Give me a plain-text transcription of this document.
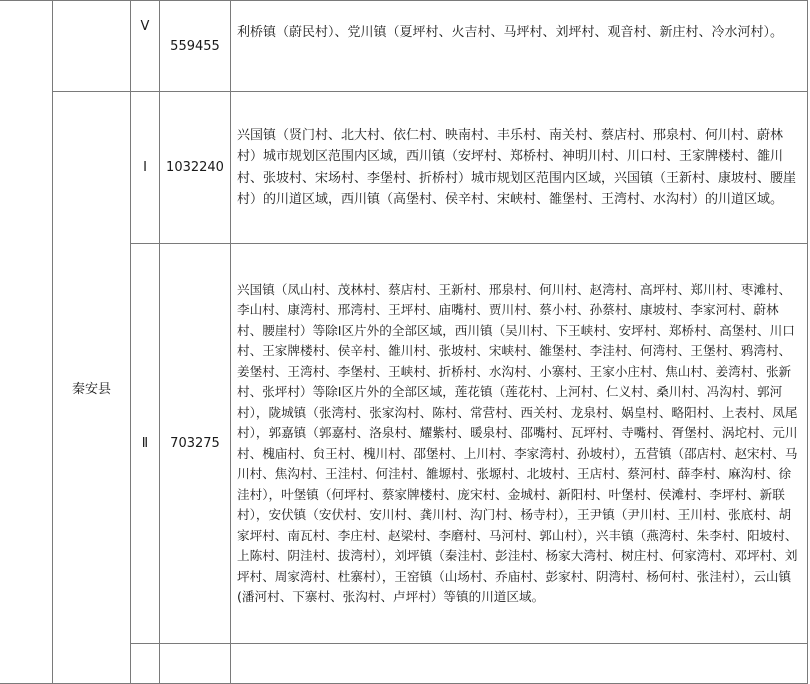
		Ⅴ	559455	利桥镇（蔚民村）、党川镇（夏坪村、火吉村、马坪村、刘坪村、观音村、新庄村、冷水河村）。
	秦安县	Ⅰ	1032240	兴国镇（贤门村、北大村、依仁村、映南村、丰乐村、南关村、蔡店村、邢泉村、何川村、蔚林村）城市规划区范围内区域，西川镇（安坪村、郑桥村、神明川村、川口村、王家牌楼村、雒川村、张坡村、宋场村、李堡村、折桥村）城市规划区范围内区域，兴国镇（王新村、康坡村、腰崖村）的川道区域，西川镇（高堡村、侯辛村、宋峡村、雒堡村、王湾村、水沟村）的川道区域。
		Ⅱ	703275	兴国镇（凤山村、茂林村、蔡店村、王新村、邢泉村、何川村、赵湾村、高坪村、郑川村、枣滩村、李山村、康湾村、邢湾村、王坪村、庙嘴村、贾川村、蔡小村、孙蔡村、康坡村、李家河村、蔚林村、腰崖村）等除Ⅰ区片外的全部区域，西川镇（吴川村、下王峡村、安坪村、郑桥村、高堡村、川口村、王家牌楼村、侯辛村、雒川村、张坡村、宋峡村、雒堡村、李洼村、何湾村、王堡村、鸦湾村、姜堡村、王湾村、李堡村、王峡村、折桥村、水沟村、小寨村、王家小庄村、焦山村、姜湾村、张新村、张坪村）等除Ⅰ区片外的全部区域，莲花镇（莲花村、上河村、仁义村、桑川村、冯沟村、郭河村），陇城镇（张湾村、张家沟村、陈村、常营村、西关村、龙泉村、娲皇村、略阳村、上表村、凤尾村），郭嘉镇（郭嘉村、洛泉村、耀紫村、暖泉村、邵嘴村、瓦坪村、寺嘴村、胥堡村、涡坨村、元川村、槐庙村、贠王村、槐川村、邵堡村、上川村、李家湾村、孙坡村），五营镇（邵店村、赵宋村、马川村、焦沟村、王洼村、何洼村、雒塬村、张塬村、北坡村、王店村、蔡河村、薛李村、麻沟村、徐洼村），叶堡镇（何坪村、蔡家牌楼村、庞宋村、金城村、新阳村、叶堡村、侯滩村、李坪村、新联村），安伏镇（安伏村、安川村、龚川村、沟门村、杨寺村），王尹镇（尹川村、王川村、张底村、胡家坪村、南瓦村、李庄村、赵梁村、李磨村、马河村、郭山村），兴丰镇（燕湾村、朱李村、阳坡村、上陈村、阴洼村、拔湾村），刘坪镇（秦洼村、彭洼村、杨家大湾村、树庄村、何家湾村、邓坪村、刘坪村、周家湾村、杜寨村），王窑镇（山场村、乔庙村、彭家村、阴湾村、杨何村、张洼村），云山镇(潘河村、下寨村、张沟村、卢坪村）等镇的川道区域。
